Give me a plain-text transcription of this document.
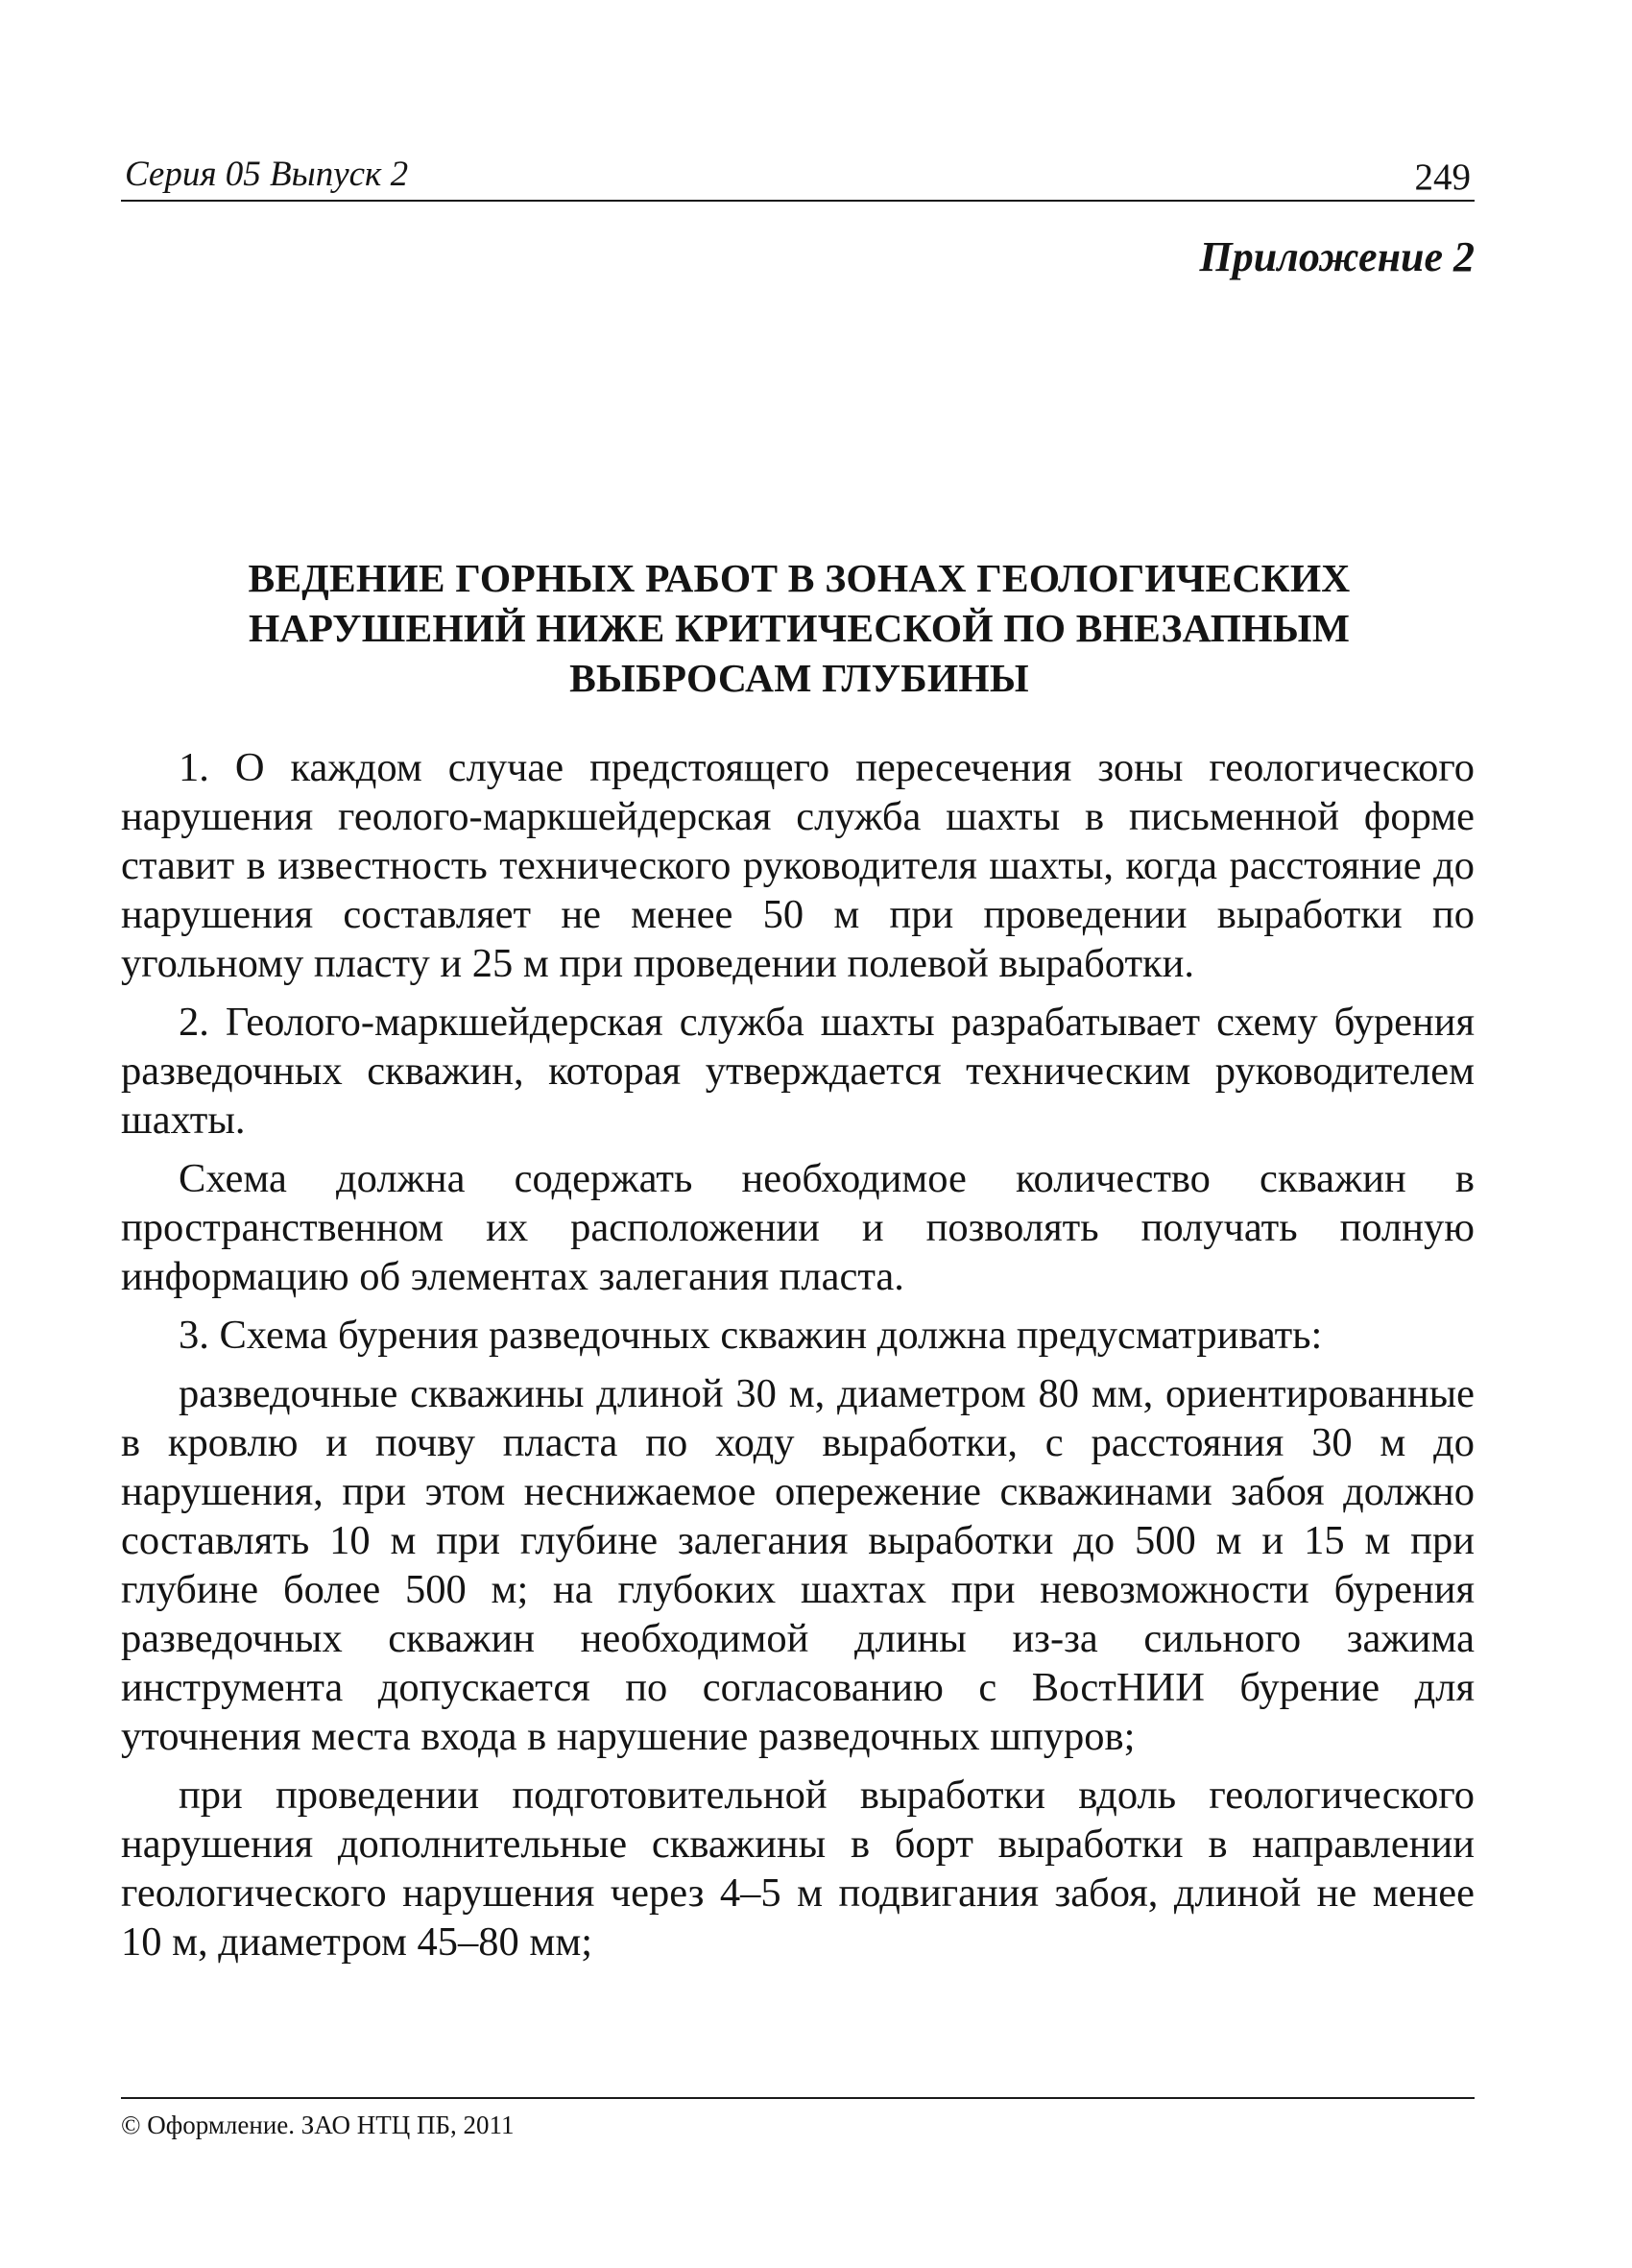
Серия 05 Выпуск 2	249
Приложение 2
ВЕДЕНИЕ ГОРНЫХ РАБОТ В ЗОНАХ ГЕОЛОГИЧЕСКИХ НАРУШЕНИЙ НИЖЕ КРИТИЧЕСКОЙ ПО ВНЕЗАПНЫМ ВЫБРОСАМ ГЛУБИНЫ

1. О каждом случае предстоящего пересечения зоны геологического нарушения геолого-маркшейдерская служба шахты в письменной форме ставит в известность технического руководителя шахты, когда расстояние до нарушения составляет не менее 50 м при проведении выработки по угольному пласту и 25 м при проведении полевой выработки.

2. Геолого-маркшейдерская служба шахты разрабатывает схему бурения разведочных скважин, которая утверждается техническим руководителем шахты.

Схема должна содержать необходимое количество скважин в пространственном их расположении и позволять получать полную информацию об элементах залегания пласта.

3. Схема бурения разведочных скважин должна предусматривать:

разведочные скважины длиной 30 м, диаметром 80 мм, ориентированные в кровлю и почву пласта по ходу выработки, с расстояния 30 м до нарушения, при этом неснижаемое опережение скважинами забоя должно составлять 10 м при глубине залегания выработки до 500 м и 15 м при глубине более 500 м; на глубоких шахтах при невозможности бурения разведочных скважин необходимой длины из-за сильного зажима инструмента допускается по согласованию с ВостНИИ бурение для уточнения места входа в нарушение разведочных шпуров;

при проведении подготовительной выработки вдоль геологического нарушения дополнительные скважины в борт выработки в направлении геологического нарушения через 4–5 м подвигания забоя, длиной не менее 10 м, диаметром 45–80 мм;

© Оформление. ЗАО НТЦ ПБ, 2011
